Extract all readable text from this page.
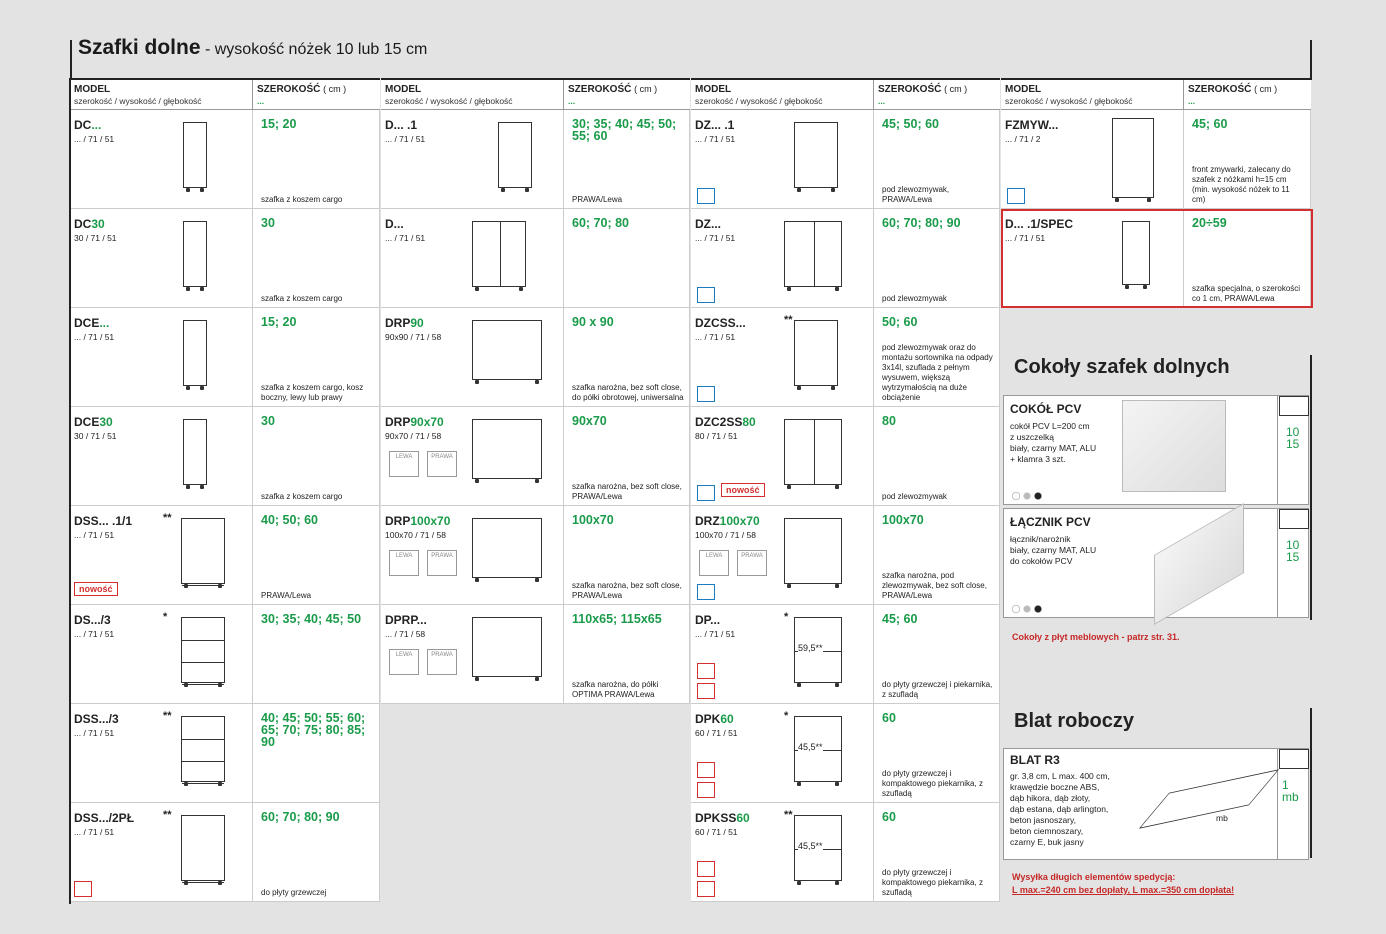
Szafki dolne - wysokość nóżek 10 lub 15 cm
MODEL
szerokość / wysokość / głębokość
SZEROKOŚĆ ( cm )
...
MODEL
szerokość / wysokość / głębokość
SZEROKOŚĆ ( cm )
...
MODEL
szerokość / wysokość / głębokość
SZEROKOŚĆ ( cm )
...
MODEL
szerokość / wysokość / głębokość
SZEROKOŚĆ ( cm )
...
DC...
... / 71 / 51
15; 20
szafka z koszem cargo
DC30
30 / 71 / 51
30
szafka z koszem cargo
DCE...
... / 71 / 51
15; 20
szafka z koszem cargo, kosz boczny, lewy lub prawy
DCE30
30 / 71 / 51
30
szafka z koszem cargo
DSS... .1/1
... / 71 / 51
**
nowość
40; 50; 60
PRAWA/Lewa
DS.../3
... / 71 / 51
*	30; 35; 40; 45; 50
DSS.../3
... / 71 / 51
**	40; 45; 50; 55; 60; 65; 70; 75; 80; 85; 90
DSS.../2PŁ
... / 71 / 51
**	60; 70; 80; 90
do płyty grzewczej
D... .1
... / 71 / 51
30; 35; 40; 45; 50; 55; 60
PRAWA/Lewa
D...
... / 71 / 51
60; 70; 80
DRP90
90x90 / 71 / 58
90 x 90
szafka narożna, bez soft close, do półki obrotowej, uniwersalna
DRP90x70
90x70 / 71 / 58
LEWA	PRAWA
90x70
szafka narożna, bez soft close, PRAWA/Lewa
DRP100x70
100x70 / 71 / 58
LEWA	PRAWA
100x70
szafka narożna, bez soft close, PRAWA/Lewa
DPRP...
... / 71 / 58
LEWA	PRAWA
110x65; 115x65
szafka narożna, do półki OPTIMA PRAWA/Lewa
DZ... .1
... / 71 / 51
45; 50; 60
pod zlewozmywak, PRAWA/Lewa
DZ...
... / 71 / 51
60; 70; 80; 90
pod zlewozmywak
DZCSS...
... / 71 / 51
**	50; 60
pod zlewozmywak oraz do montażu sortownika na odpady 3x14l, szuflada z pełnym wysuwem, większą wytrzymałością na duże obciążenie
DZC2SS80
80 / 71 / 51
nowość
80
pod zlewozmywak
DRZ100x70
100x70 / 71 / 58
LEWA	PRAWA
100x70
szafka narożna, pod zlewozmywak, bez soft close, PRAWA/Lewa
DP...
... / 71 / 51
*
59,5**
45; 60
do płyty grzewczej i piekarnika, z szufladą
DPK60
60 / 71 / 51
*
45,5**
60
do płyty grzewczej i kompaktowego piekarnika, z szufladą
DPKSS60
60 / 71 / 51
**
45,5**
60
do płyty grzewczej i kompaktowego piekarnika, z szufladą
FZMYW...
... / 71 / 2
45; 60
front zmywarki, zalecany do szafek z nóżkami h=15 cm (min. wysokość nóżek to 11 cm)
D... .1/SPEC
... / 71 / 51
20÷59
szafka specjalna, o szerokości co 1 cm, PRAWA/Lewa
Cokoły szafek dolnych
COKÓŁ PCV
cokół PCV L=200 cm
z uszczelką
biały, czarny MAT, ALU
+ klamra 3 szt.
10
15
ŁĄCZNIK PCV
łącznik/narożnik
biały, czarny MAT, ALU
do cokołów PCV
10
15
Cokoły z płyt meblowych - patrz str. 31.
Blat roboczy
BLAT R3
gr. 3,8 cm, L max. 400 cm,
krawędzie boczne ABS,
dąb hikora, dąb złoty,
dąb estana, dąb arlington,
beton jasnoszary,
beton ciemnoszary,
czarny E, buk jasny
mb
1 mb
Wysyłka długich elementów spedycją:
L max.=240 cm bez dopłaty, L max.=350 cm dopłata!
